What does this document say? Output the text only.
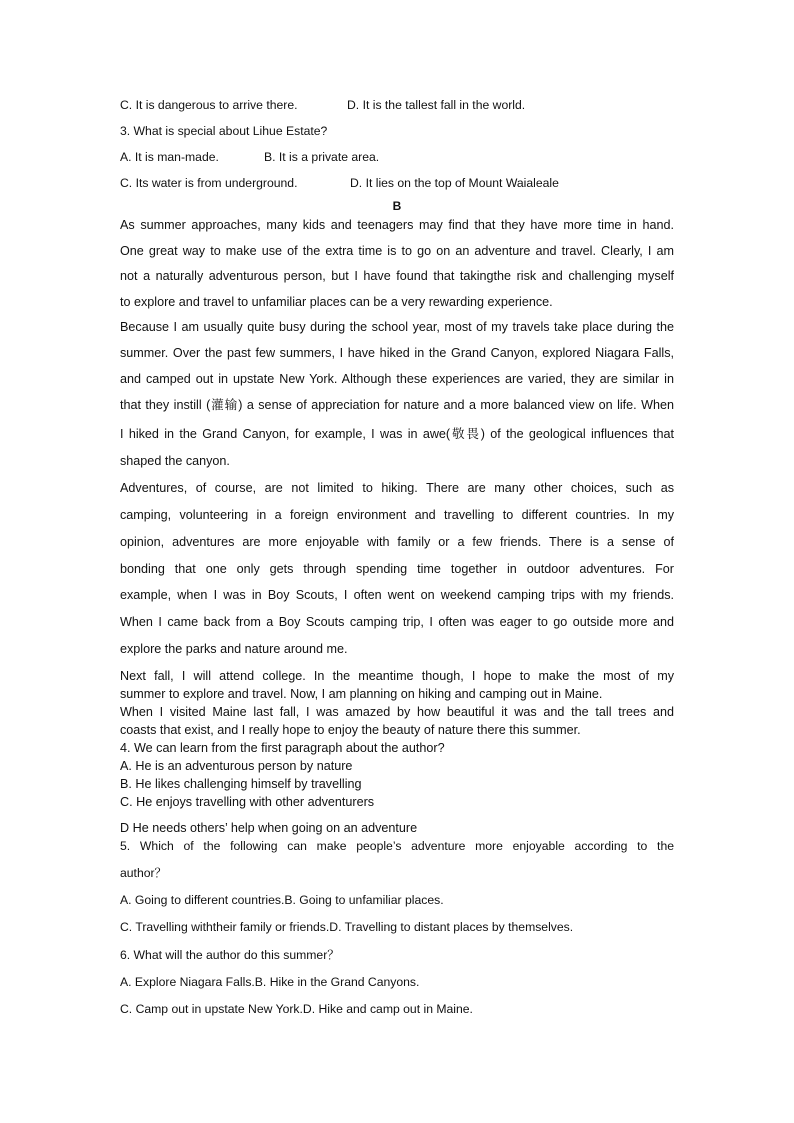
C. It is dangerous to arrive there.	D. It is the tallest fall in the world.
3. What is special about Lihue Estate?
A. It is man-made.	B. It is a private area.
C. Its water is from underground.	D. It lies on the top of Mount Waialeale
B
As summer approaches, many kids and teenagers may find that they have more time in hand.
One great way to make use of the extra time is to go on an adventure and travel. Clearly, I am
not a naturally adventurous person, but I have found that takingthe risk and challenging myself
to explore and travel to unfamiliar places can be a very rewarding experience.
Because I am usually quite busy during the school year, most of my travels take place during the
summer. Over the past few summers, I have hiked in the Grand Canyon, explored Niagara Falls,
and camped out in upstate New York. Although these experiences are varied, they are similar in
that they instill (灌输) a sense of appreciation for nature and a more balanced view on life. When
I hiked in the Grand Canyon, for example, I was in awe(敬畏) of the geological influences that
shaped the canyon.
Adventures, of course, are not limited to hiking. There are many other choices, such as
camping, volunteering in a foreign environment and travelling to different countries. In my
opinion, adventures are more enjoyable with family or a few friends. There is a sense of
bonding that one only gets through spending time together in outdoor adventures. For
example, when I was in Boy Scouts, I often went on weekend camping trips with my friends.
When I came back from a Boy Scouts camping trip, I often was eager to go outside more and
explore the parks and nature around me.
Next fall, I will attend college. In the meantime though, I hope to make the most of my
summer to explore and travel. Now, I am planning on hiking and camping out in Maine.
When I visited Maine last fall, I was amazed by how beautiful it was and the tall trees and
coasts that exist, and I really hope to enjoy the beauty of nature there this summer.
4. We can learn from the first paragraph about the author?
A. He is an adventurous person by nature
B. He likes challenging himself by travelling
C. He enjoys travelling with other adventurers
D He needs others’ help when going on an adventure
5. Which of the following can make people’s adventure more enjoyable according to the
author？
A. Going to different countries.B. Going to unfamiliar places.
C. Travelling withtheir family or friends.D. Travelling to distant places by themselves.
6. What will the author do this summer？
A. Explore Niagara Falls.B. Hike in the Grand Canyons.
C. Camp out in upstate New York.D. Hike and camp out in Maine.
